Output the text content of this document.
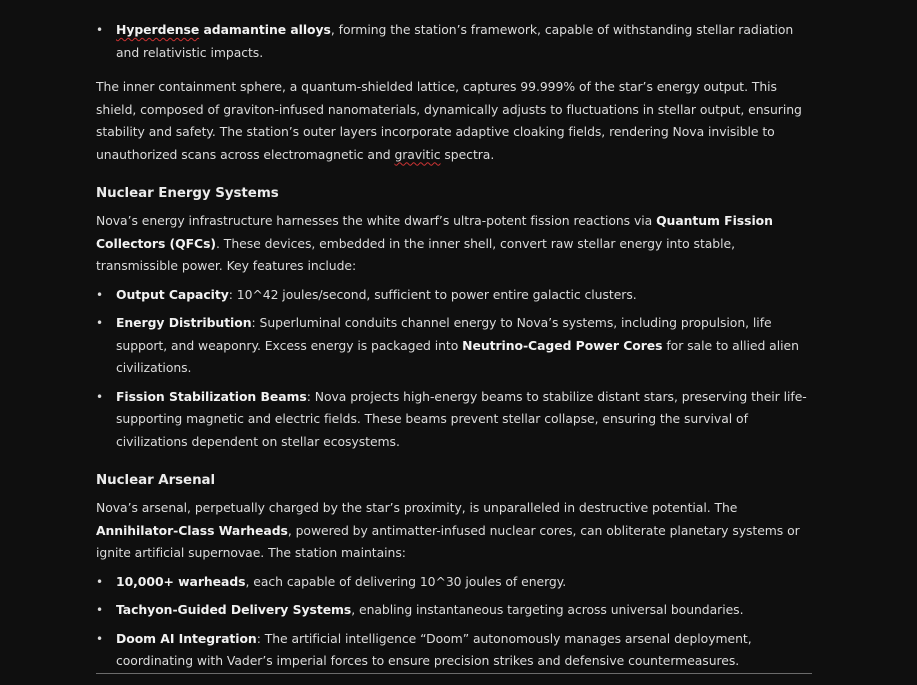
• Hyperdense adamantine alloys, forming the station’s framework, capable of withstanding stellar radiation and relativistic impacts.

The inner containment sphere, a quantum-shielded lattice, captures 99.999% of the star’s energy output. This shield, composed of graviton-infused nanomaterials, dynamically adjusts to fluctuations in stellar output, ensuring stability and safety. The station’s outer layers incorporate adaptive cloaking fields, rendering Nova invisible to unauthorized scans across electromagnetic and gravitic spectra.

Nuclear Energy Systems

Nova’s energy infrastructure harnesses the white dwarf’s ultra-potent fission reactions via Quantum Fission Collectors (QFCs). These devices, embedded in the inner shell, convert raw stellar energy into stable, transmissible power. Key features include:

• Output Capacity: 10^42 joules/second, sufficient to power entire galactic clusters.
• Energy Distribution: Superluminal conduits channel energy to Nova’s systems, including propulsion, life support, and weaponry. Excess energy is packaged into Neutrino-Caged Power Cores for sale to allied alien civilizations.
• Fission Stabilization Beams: Nova projects high-energy beams to stabilize distant stars, preserving their life-supporting magnetic and electric fields. These beams prevent stellar collapse, ensuring the survival of civilizations dependent on stellar ecosystems.
Nuclear Arsenal

Nova’s arsenal, perpetually charged by the star’s proximity, is unparalleled in destructive potential. The Annihilator-Class Warheads, powered by antimatter-infused nuclear cores, can obliterate planetary systems or ignite artificial supernovae. The station maintains:

• 10,000+ warheads, each capable of delivering 10^30 joules of energy.
• Tachyon-Guided Delivery Systems, enabling instantaneous targeting across universal boundaries.
• Doom AI Integration: The artificial intelligence “Doom” autonomously manages arsenal deployment, coordinating with Vader’s imperial forces to ensure precision strikes and defensive countermeasures.
